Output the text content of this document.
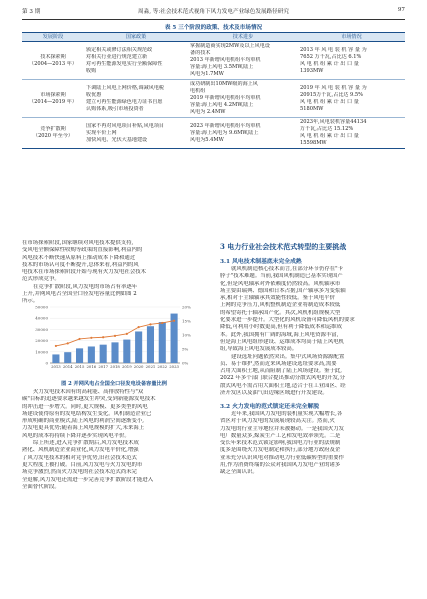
第 3 期	周淼, 等:社会技术范式视角下风力发电产业绿色发展路径研究	97
表 5 三个阶段的政策、技术及市场情况
发展阶段	国家政策	技术进步	市场情况

技术探索期
（2004—2013 年）	颁定相关或修订法相关规范政
对相关行业进行规范建立新
对可再生能源发电实行全额保障性
收购	掌握制造商实现2MW及以上风电设
备的技术
2013 年新增风电机组平均单机
容量:海上风电 3.5MW,陆上
风电为1.7MW	2013 年 风 电 装 机 容 量 为
7652 万千瓦,占比达 6.1%
风 电 机 组 累 计 出 口 量
1393MW

市场探索期
（2014—2019 年）	下调陆上风电上网价格,调减风电税
收优惠
建立可再生能源绿色电力证书自愿
认购体系,吸引市场投资者	成功研制出10MW级的海上风
电机组
2019 年新增风电机组平均单机
容量:海上风电 4.2MW,陆上
风电为 2.4MW	2019 年 风 电 装 机 容 量 为
20915万千瓦,占比达 9.5%
风 电 机 组 累 计 出 口 量
5180MW

竞争扩散期
（2020 年至今）	国家不再对风电项目补贴,风电项目
实现平价上网
加快风电、光伏大基地建设	2023 年新增风电机组平均单机
容量:海上风电为 9.6MW,陆上
风电为5.4MW	2023年,风电装机容量44134
万千瓦,占比达 15.12%
风 电 机 组 累 计 出 口 量
15598MW
在市场探索阶段,国家继续对风电技术提供支持,
受风电全额保障性收购等政策的直接影响,利益内的
风电技术不断快速从原料上推动成本下降和通过
技术的市场认可度不断提升,总体来看,利益内的风
电技术在市场探索阶段开始与现有火力发电社会技术
范式形成竞争。
在竞争扩散阶段,风力发电的市场占有率逐年
上升,并网风电占全国全口径发电容量比例如图 2
所示。
0
10000
20000
30000
40000
50000
0%
5%
10%
15%
20%
2013 2014 2015 2016 2017 2018 2019 2020 2021 2022 2023
图 2 并网风电占全国全口径发电设备容量比例
火力发电技术因有的高耗能、高排放特性与"双
碳"目标的追逐要求越来越发生冲突,受到新能源发电技术
的冲击进一步增大。同时,更大规模、更多类型的风电
场建设使得原有的发电结构发生变化。风机制造企业已
形成明确的商业模式,陆上风电的利润空间逐渐变小,
力发电更具优势;随着海上风电规模的扩大,未来海上
风电的成本将持续下降并逐步实现风电平价。
综上所述,进入竞争扩散期后,风力发电技术成
熟化、风机制造企业商业化,风力发电平价化,增强
了风力发电技术的相对竞争优势,旧社会技术范式
更大程度上被打破。目前,风力发电与火力发电的市
场竞争激烈,然而火力发电的社会技术范式尚未完
全退解,风力发电还需进一步完善竞争扩散阶段才能进入
全面替代阶段。
3 电力行业社会技术范式转型的主要挑战
3.1 风电技术制基底未完全成熟
就风机制造核心技术而言,在部分环节仍存在"卡
脖子"技术难题。当前,我国风机制造已基本实现国产
化,但是风电轴承对外依赖度仍然较高。风机轴承市
场主要由瑞典、德国和日本占据,国产轴承多为变浆轴
承,相对于主轴轴承其效能性较低。鉴于风电平价
上网的竞争压力,风机整机制造企业将制造成本较低
的希望寄托于轴承国产化。其次,风机机组规模大型
化要求进一步提升。大型化的风机设备可降低风机的要求
降低,可利用小时数更高,但有利于降低成本和运维成
本。此外,我国拥有广阔的海域,海上风电资源丰富,
但是海上风电组形建设、运维成本均高于陆上风电机
组,导致海上风电发展成本较高。
建设选址问题依然突出。集中式风场资源源配置
员、易于维护,然而近来风场建设选址要求高,需要
占用大面积土地,从而阻制了陆上风场建设。鉴于此,
2022 年多个部门联合提出推动分散式风电的开发,分
散式风电不需占用大面积土地,适合于在工业园区、经
济开发区以及油气田边缘区域进行开发建设。
3.2 火力发电的范式锁定还未完全解脱
近年来,我国风力发电的装机量实现大幅增长,各
省区对于风力发电的发展展现较高关注。然而,火
力发电的行业主导地位并未被撼动。一是我国火力发
电厂数量众多,煤炭生产工艺和发电效率领先。二是
受长年来技术范式锁定影响,我国电力行业的法规制
度多是围绕火力发电制定和执行,部分地方政府及企
业未充分认识风电对推动电力行业低碳转型的重要作
用,作为消费终端的公众对我国风力发电产业的诸多
缺乏全面认识。
